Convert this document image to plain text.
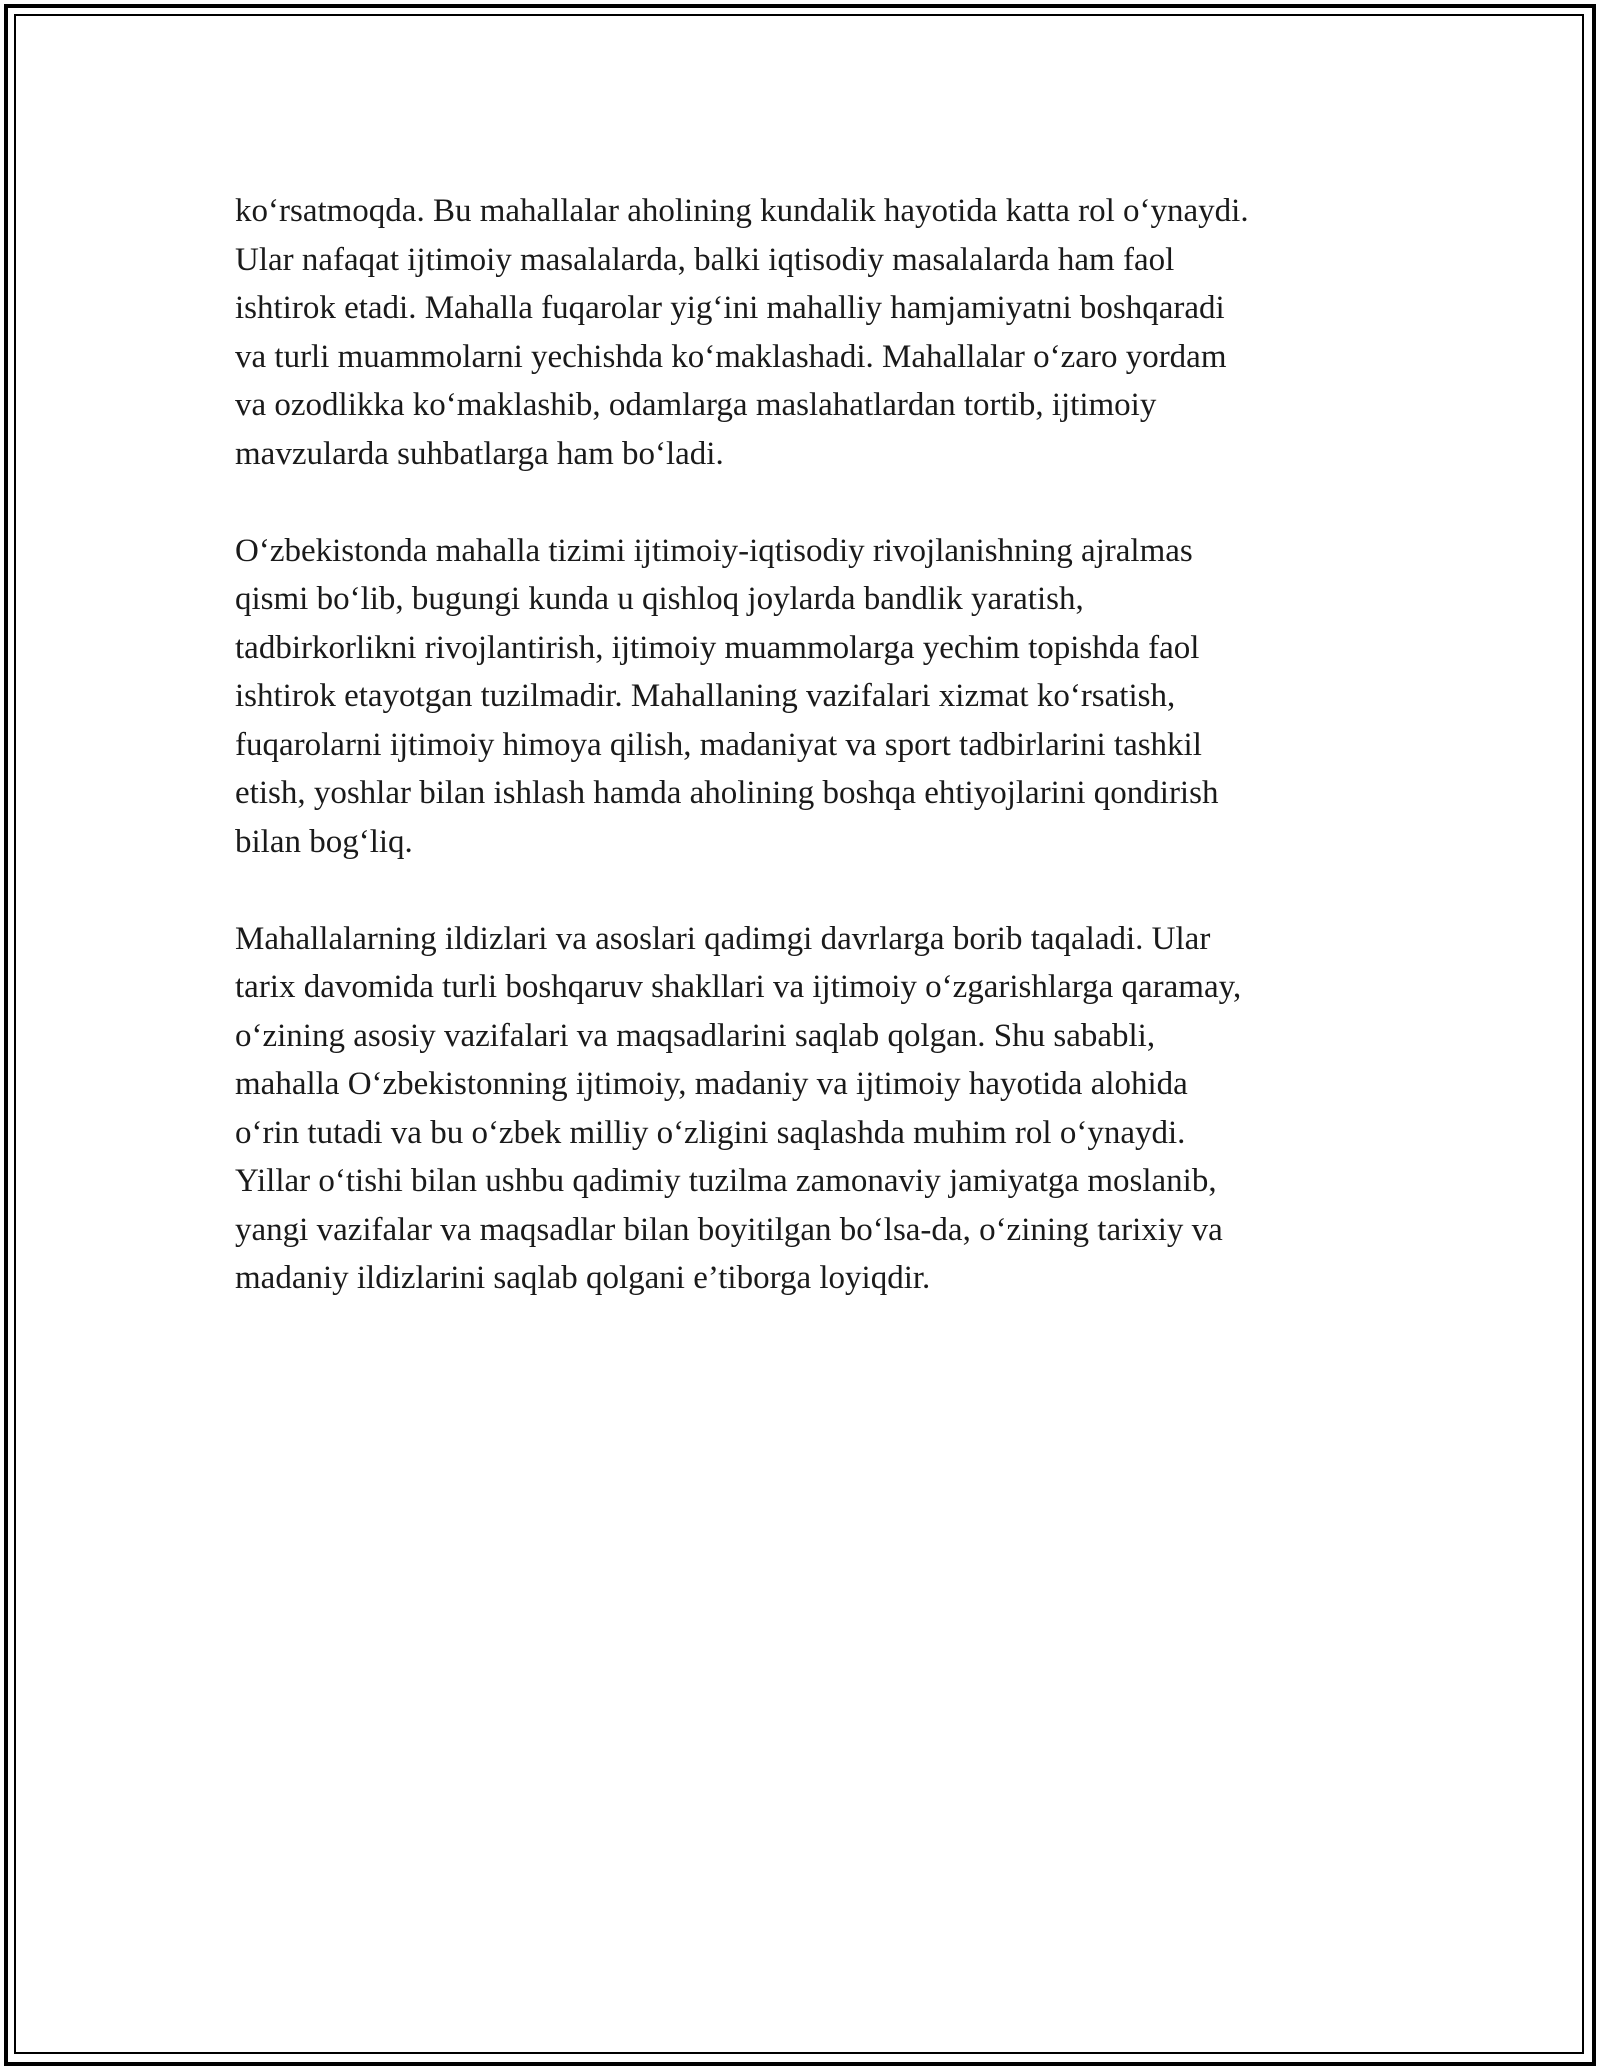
ko‘rsatmoqda. Bu mahallalar aholining kundalik hayotida katta rol o‘ynaydi.
Ular nafaqat ijtimoiy masalalarda, balki iqtisodiy masalalarda ham faol
ishtirok etadi. Mahalla fuqarolar yig‘ini mahalliy hamjamiyatni boshqaradi
va turli muammolarni yechishda ko‘maklashadi. Mahallalar o‘zaro yordam
va ozodlikka ko‘maklashib, odamlarga maslahatlardan tortib, ijtimoiy
mavzularda suhbatlarga ham bo‘ladi.
O‘zbekistonda mahalla tizimi ijtimoiy-iqtisodiy rivojlanishning ajralmas
qismi bo‘lib, bugungi kunda u qishloq joylarda bandlik yaratish,
tadbirkorlikni rivojlantirish, ijtimoiy muammolarga yechim topishda faol
ishtirok etayotgan tuzilmadir. Mahallaning vazifalari xizmat ko‘rsatish,
fuqarolarni ijtimoiy himoya qilish, madaniyat va sport tadbirlarini tashkil
etish, yoshlar bilan ishlash hamda aholining boshqa ehtiyojlarini qondirish
bilan bog‘liq.
Mahallalarning ildizlari va asoslari qadimgi davrlarga borib taqaladi. Ular
tarix davomida turli boshqaruv shakllari va ijtimoiy o‘zgarishlarga qaramay,
o‘zining asosiy vazifalari va maqsadlarini saqlab qolgan. Shu sababli,
mahalla O‘zbekistonning ijtimoiy, madaniy va ijtimoiy hayotida alohida
o‘rin tutadi va bu o‘zbek milliy o‘zligini saqlashda muhim rol o‘ynaydi.
Yillar o‘tishi bilan ushbu qadimiy tuzilma zamonaviy jamiyatga moslanib,
yangi vazifalar va maqsadlar bilan boyitilgan bo‘lsa-da, o‘zining tarixiy va
madaniy ildizlarini saqlab qolgani e’tiborga loyiqdir.
